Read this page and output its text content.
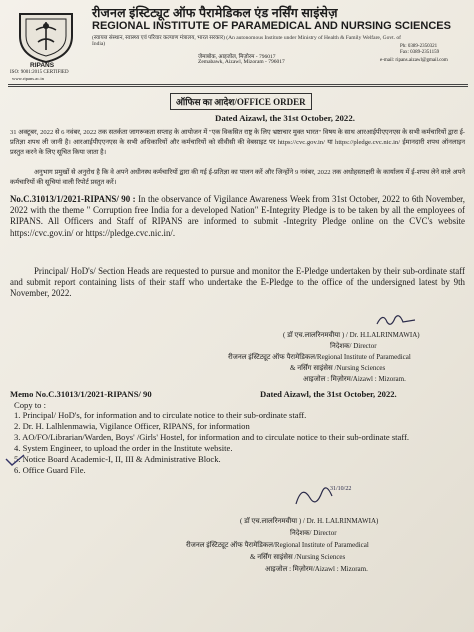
RIPANS
ISO: 9001:2015 CERTIFIED
www.ripans.ac.in
रीजनल इंस्टिट्यूट ऑफ पैरामेडिकल एंड नर्सिंग साइंसेज़
REGIONAL INSTITUTE OF PARAMEDICAL AND NURSING SCIENCES
(स्वायत्त संस्थान, स्वास्थ्य एवं परिवार कल्याण मंत्रालय, भारत सरकार) (An autonomous Institute under Ministry of Health & Family Welfare, Govt. of India)
जेमाबोक, आइजोल, मिज़ोरम - 796017
Zemabawk, Aizawl, Mizoram - 796017
Ph: 0389-2350321
Fax: 0389-2351159
e-mail: ripans.aizawl@gmail.com
ऑफिस का आदेश/OFFICE ORDER
Dated Aizawl, the 31st October, 2022.
31 अक्टूबर, 2022 से 6 नवंबर, 2022 तक सतर्कता जागरूकता सप्ताह के आयोजन में "एक विकसित राष्ट्र के लिए भ्रष्टाचार मुक्त भारत" विषय के साथ आरआईपीएएनएस के सभी कर्मचारियों द्वारा ई-प्रतिज्ञा शपथ ली जानी है। आरआईपीएएनएस के सभी अधिकारियों और कर्मचारियों को सीवीसी की वेबसाइट पर https://cvc.gov.in/ या https://pledge.cvc.nic.in/ ईमानदारी शपथ ऑनलाइन प्रस्तुत करने के लिए सूचित किया जाता है।
अनुभाग प्रमुखों से अनुरोध है कि वे अपने अधीनस्थ कर्मचारियों द्वारा की गई ई-प्रतिज्ञा का पालन करें और जिन्होंने 9 नवंबर, 2022 तक अधोहस्ताक्षरी के कार्यालय में ई-शपथ लेने वाले अपने कर्मचारियों की सूचियां वाली रिपोर्ट प्रस्तुत करें।
No.C.31013/1/2021-RIPANS/ 90 : In the observance of Vigilance Awareness Week from 31st October, 2022 to 6th November, 2022 with the theme " Corruption free India for a developed Nation" E-Integrity Pledge is to be taken by all the employees of RIPANS. All Officers and Staff of RIPANS are informed to submit -Integrity Pledge online on the CVC's website https://cvc.gov.in/ or https://pledge.cvc.nic.in/.
Principal/ HoD's/ Section Heads are requested to pursue and monitor the E-Pledge undertaken by their sub-ordinate staff and submit report containing lists of their staff who undertake the E-Pledge to the office of the undersigned latest by 9th November, 2022.
( डॉ एच.लालरिनमवीया ) / Dr. H.LALRINMAWIA)
निदेशक/ Director
रीजनल इंस्टिट्यूट ऑफ पैरामेडिकल/Regional Institute of Paramedical
& नर्सिंग साइंसेस /Nursing Sciences
आइजोल : मिज़ोरम/Aizawl : Mizoram.
Memo No.C.31013/1/2021-RIPANS/ 90	Dated Aizawl, the 31st October, 2022.
Copy to :
1. Principal/ HoD's, for information and to circulate notice to their sub-ordinate staff.
2. Dr. H. Lalhlenmawia, Vigilance Officer, RIPANS, for information
3. AO/FO/Librarian/Warden, Boys' /Girls' Hostel, for information and to circulate notice to their sub-ordinate staff.
4. System Engineer, to upload the order in the Institute website.
5. Notice Board Academic-I, II, III & Administrative Block.
6. Office Guard File.
31/10/22
( डॉ एच.लालरिनमवीया ) / Dr. H. LALRINMAWIA)
निदेशक/ Director
रीजनल इंस्टिट्यूट ऑफ पैरामेडिकल/Regional Institute of Paramedical
& नर्सिंग साइंसेस /Nursing Sciences
आइजोल : मिज़ोरम/Aizawl : Mizoram.
